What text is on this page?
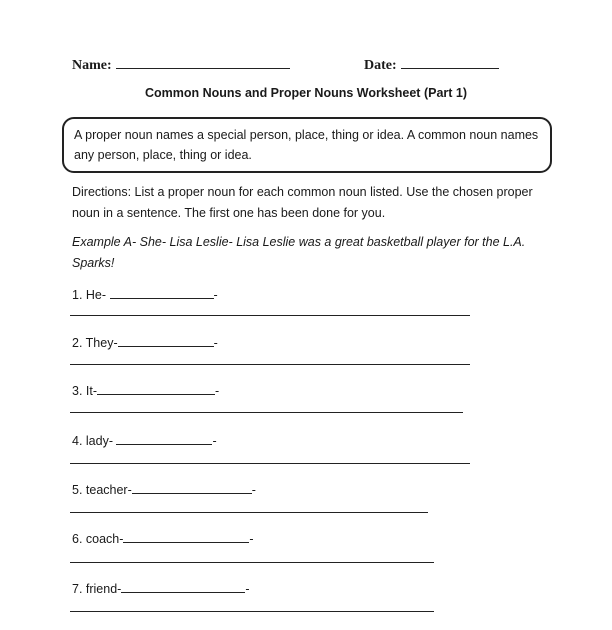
Name:	Date:
Common Nouns and Proper Nouns Worksheet (Part 1)
A proper noun names a special person, place, thing or idea. A common noun names any person, place, thing or idea.
Directions: List a proper noun for each common noun listed. Use the chosen proper noun in a sentence. The first one has been done for you.
Example A- She- Lisa Leslie- Lisa Leslie was a great basketball player for the L.A. Sparks!
1. He-	-
2. They-	-
3. It-	-
4. lady-	-
5. teacher-	-
6. coach-	-
7. friend-	-
